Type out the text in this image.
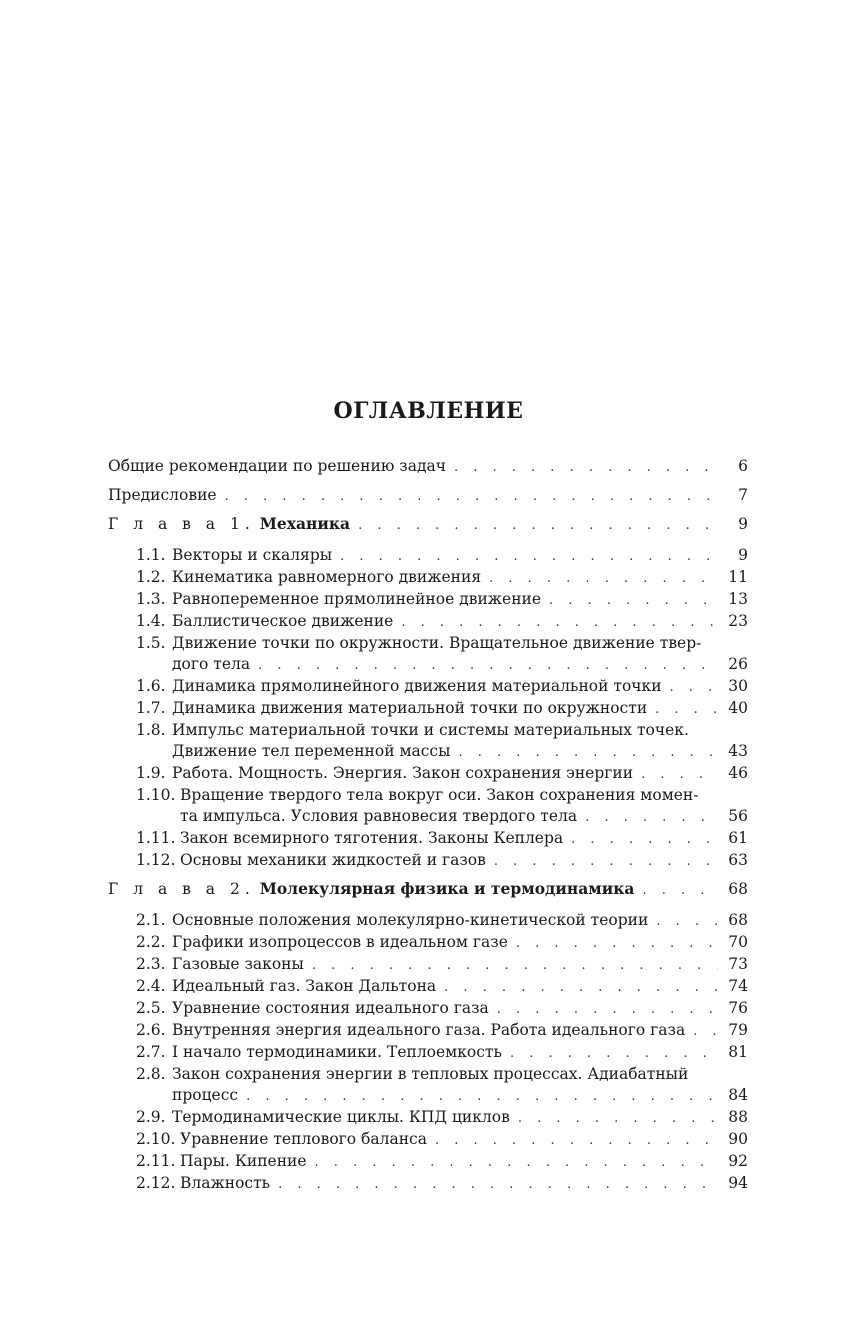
ОГЛАВЛЕНИЕ
Общие рекомендации по решению задач . . .	6
Предисловие . . .	7
Г л а в а 1. Механика . . .	9
1.1. Векторы и скаляры . . .	9
1.2. Кинематика равномерного движения . . .	11
1.3. Равнопеременное прямолинейное движение . . .	13
1.4. Баллистическое движение . . .	23
1.5. Движение точки по окружности. Вращательное движение твер-
дого тела . . .	26
1.6. Динамика прямолинейного движения материальной точки . . .	30
1.7. Динамика движения материальной точки по окружности . . .	40
1.8. Импульс материальной точки и системы материальных точек.
Движение тел переменной массы . . .	43
1.9. Работа. Мощность. Энергия. Закон сохранения энергии . . .	46
1.10. Вращение твердого тела вокруг оси. Закон сохранения момен-
та импульса. Условия равновесия твердого тела . . .	56
1.11. Закон всемирного тяготения. Законы Кеплера . . .	61
1.12. Основы механики жидкостей и газов . . .	63
Г л а в а 2. Молекулярная физика и термодинамика . . .	68
2.1. Основные положения молекулярно-кинетической теории . . .	68
2.2. Графики изопроцессов в идеальном газе . . .	70
2.3. Газовые законы . . .	73
2.4. Идеальный газ. Закон Дальтона . . .	74
2.5. Уравнение состояния идеального газа . . .	76
2.6. Внутренняя энергия идеального газа. Работа идеального газа . . .	79
2.7. I начало термодинамики. Теплоемкость . . .	81
2.8. Закон сохранения энергии в тепловых процессах. Адиабатный
процесс . . .	84
2.9. Термодинамические циклы. КПД циклов . . .	88
2.10. Уравнение теплового баланса . . .	90
2.11. Пары. Кипение . . .	92
2.12. Влажность . . .	94
